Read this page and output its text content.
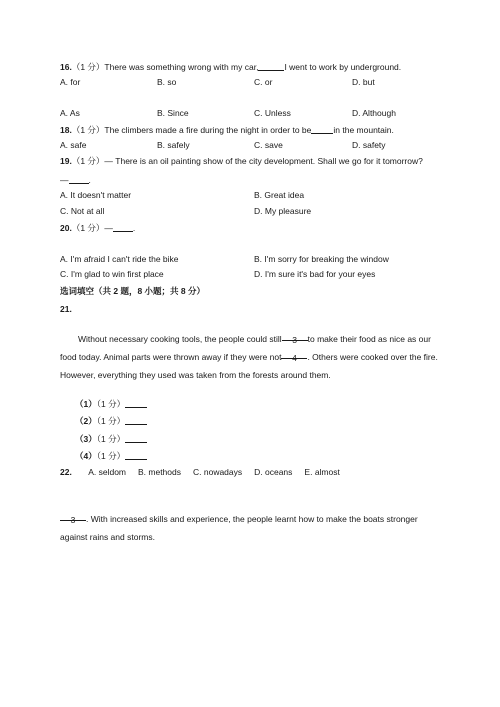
16.（1 分）There was something wrong with my car,	I went to work by underground.
A. for	B. so	C. or	D. but
A. As	B. Since	C. Unless	D. Although
18.（1 分）The climbers made a fire during the night in order to be	in the mountain.
A. safe	B. safely	C. save	D. safety
19.（1 分）— There is an oil painting show of the city development. Shall we go for it tomorrow?
— .
A. It doesn't matter	B. Great idea
C. Not at all	D. My pleasure
20.（1 分）— .
A. I'm afraid I can't ride the bike	B. I'm sorry for breaking the window
C. I'm glad to win first place	D. I'm sure it's bad for your eyes
选词填空（共 2 题，8 小题；共 8 分）
21.
Without necessary cooking tools, the people could still 3 to make their food as nice as our food today. Animal parts were thrown away if they were not 4 . Others were cooked over the fire. However, everything they used was taken from the forests around them.
（1）（1 分）
（2）（1 分）
（3）（1 分）
（4）（1 分）
22. A. seldom B. methods C. nowadays D. oceans E. almost
3 . With increased skills and experience, the people learnt how to make the boats stronger against rains and storms.
